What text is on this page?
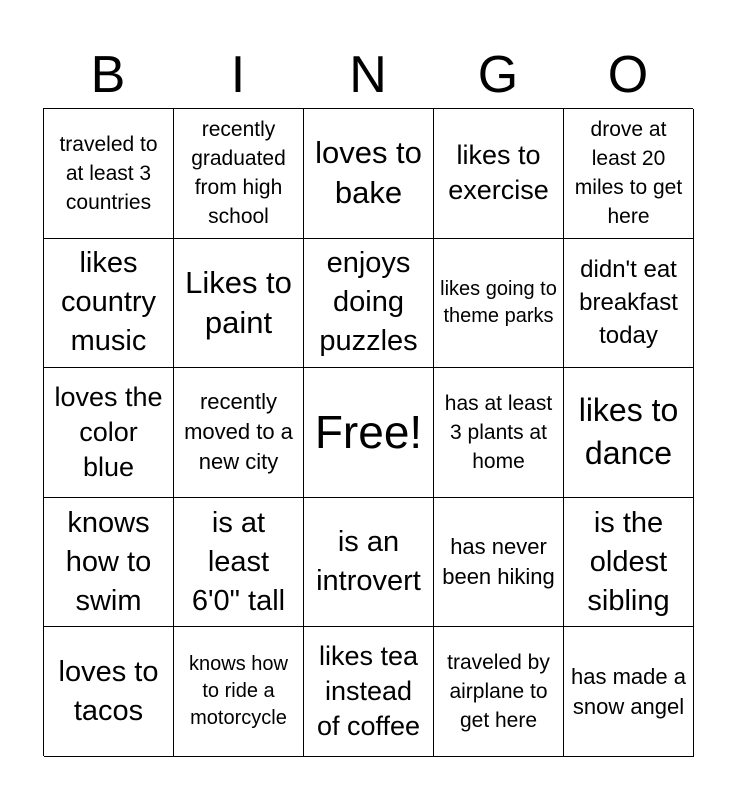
B	I	N	G	O
traveled to at least 3 countries
recently graduated from high school
loves to bake
likes to exercise
drove at least 20 miles to get here
likes country music
Likes to paint
enjoys doing puzzles
likes going to theme parks
didn't eat breakfast today
loves the color blue
recently moved to a new city
Free!
has at least 3 plants at home
likes to dance
knows how to swim
is at least 6'0" tall
is an introvert
has never been hiking
is the oldest sibling
loves to tacos
knows how to ride a motorcycle
likes tea instead of coffee
traveled by airplane to get here
has made a snow angel
